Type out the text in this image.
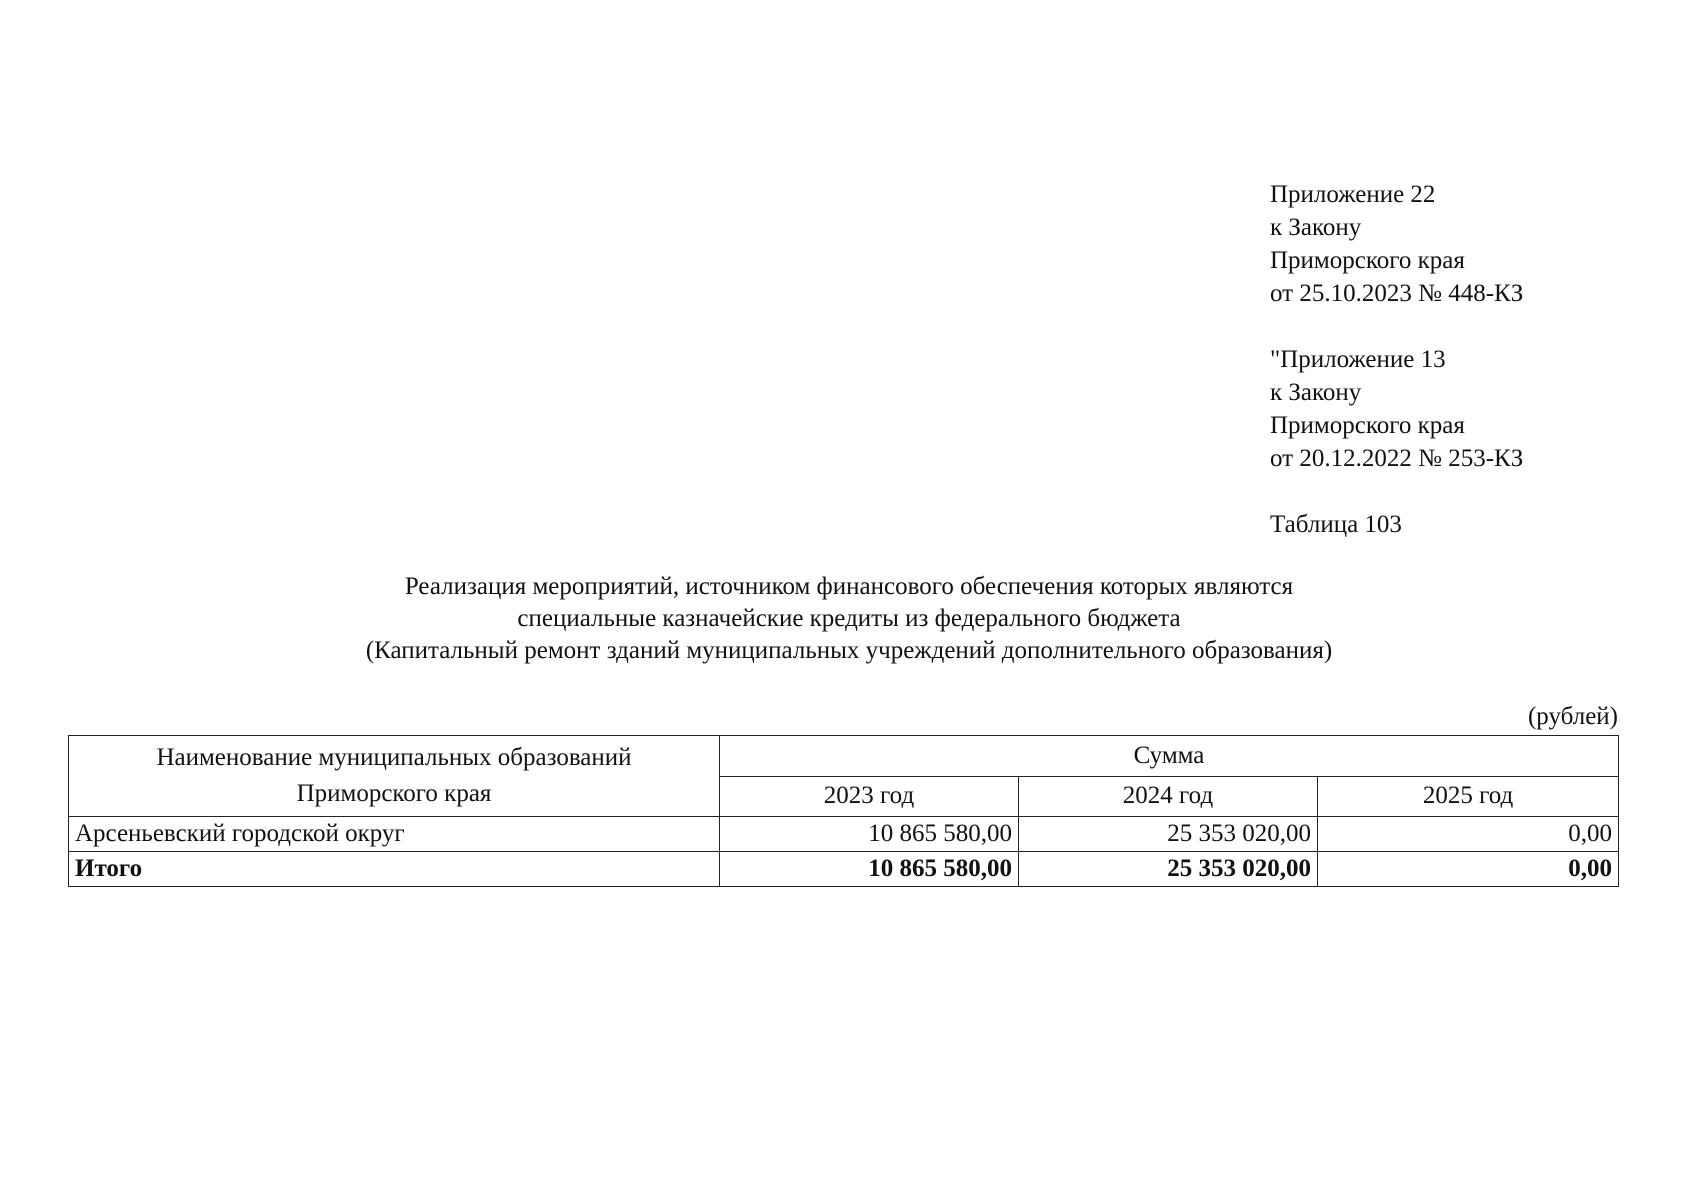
Приложение 22
к Закону
Приморского края
от 25.10.2023 № 448-КЗ
"Приложение 13
к Закону
Приморского края
от 20.12.2022 № 253-КЗ
Таблица 103
Реализация мероприятий, источником финансового обеспечения которых являются
специальные казначейские кредиты из федерального бюджета
(Капитальный ремонт зданий муниципальных учреждений дополнительного образования)
(рублей)
Наименование муниципальных образований
Приморского края	Сумма		
	2023 год	2024 год	2025 год
Арсеньевский городской округ	10 865 580,00	25 353 020,00	0,00
Итого	10 865 580,00	25 353 020,00	0,00
